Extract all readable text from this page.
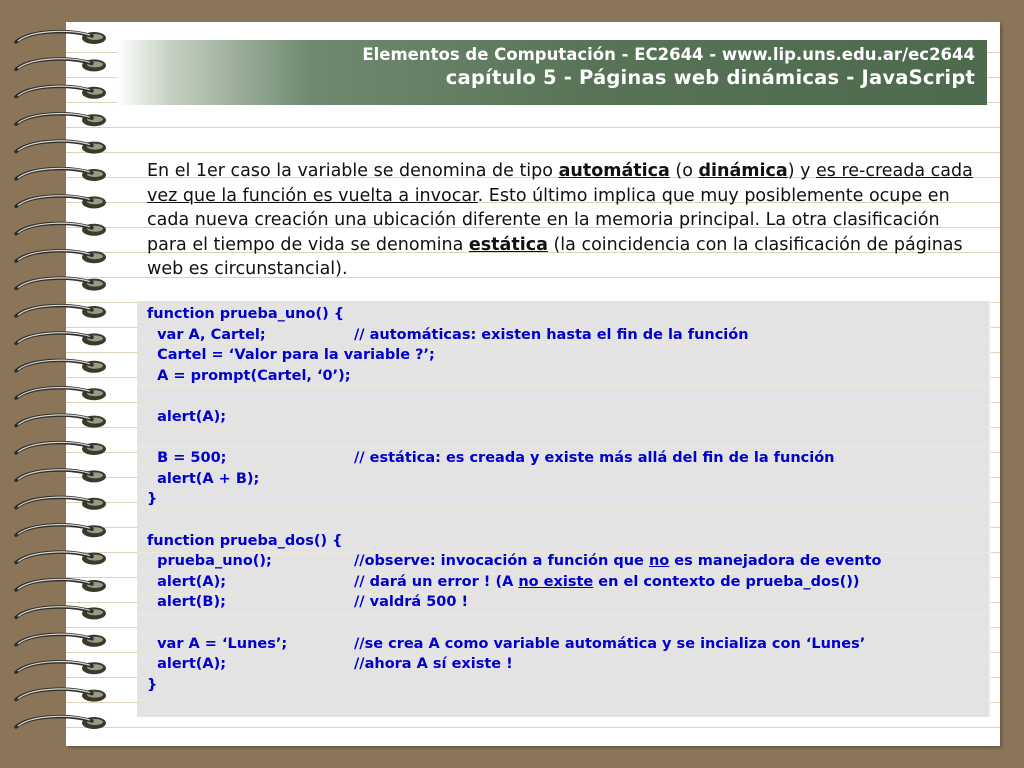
Elementos de Computación - EC2644 - www.lip.uns.edu.ar/ec2644
capítulo 5 - Páginas web dinámicas - JavaScript

En el 1er caso la variable se denomina de tipo automática (o dinámica) y es re-creada cada vez que la función es vuelta a invocar. Esto último implica que muy posiblemente ocupe en cada nueva creación una ubicación diferente en la memoria principal. La otra clasificación para el tiempo de vida se denomina estática (la coincidencia con la clasificación de páginas web es circunstancial).

function prueba_uno() {
var A, Cartel;	// automáticas: existen hasta el fin de la función
Cartel = ‘Valor para la variable ?’;
A = prompt(Cartel, ‘0’);
alert(A);
B = 500;	// estática: es creada y existe más allá del fin de la función
alert(A + B);
}
function prueba_dos() {
prueba_uno();	//observe: invocación a función que no es manejadora de evento
alert(A);	// dará un error ! (A no existe en el contexto de prueba_dos())
alert(B);	// valdrá 500 !
var A = ‘Lunes’;	//se crea A como variable automática y se incializa con ‘Lunes’
alert(A);	//ahora A sí existe !
}
